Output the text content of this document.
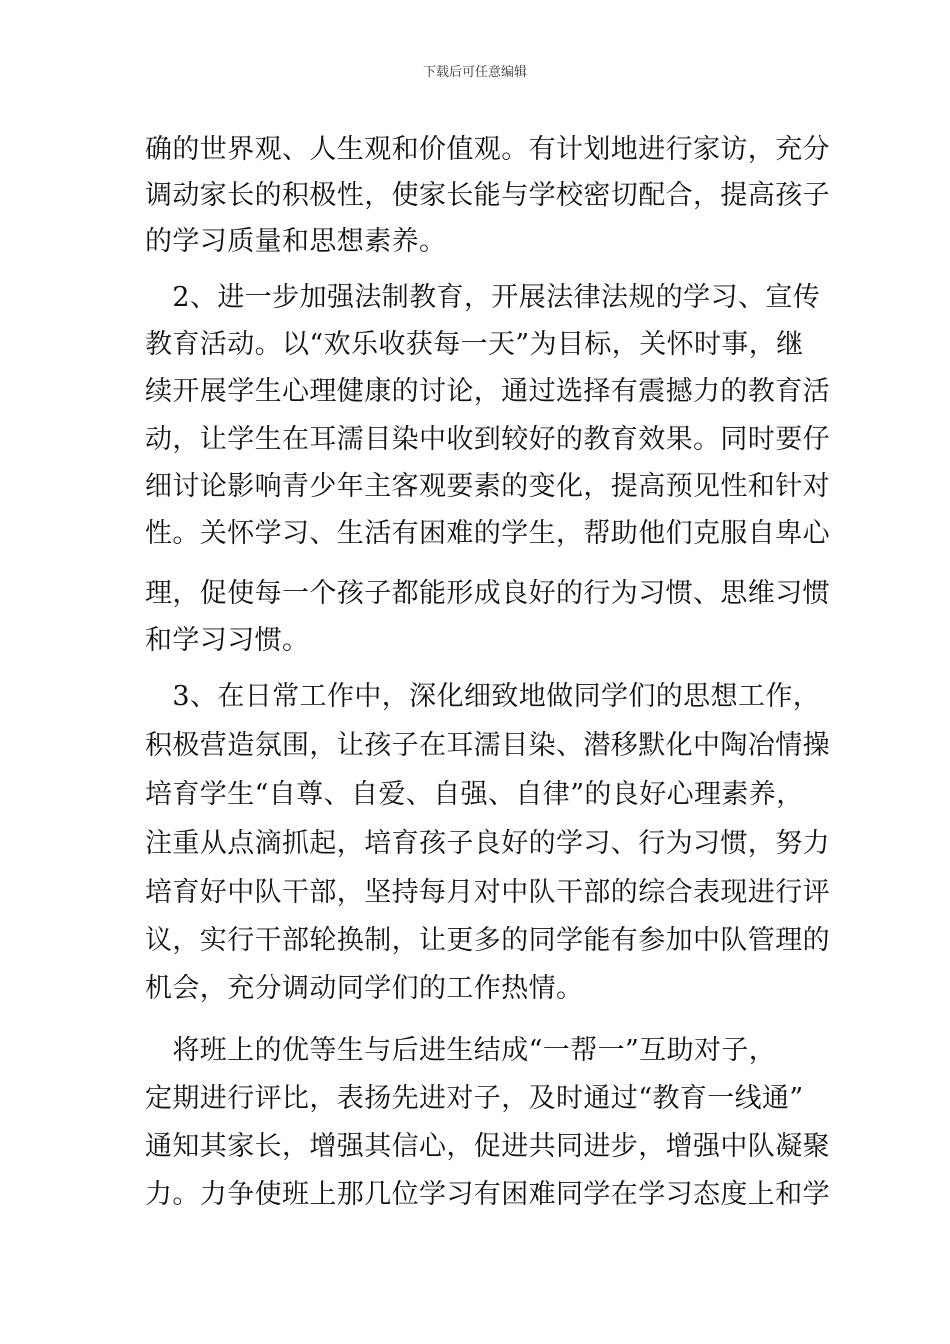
下载后可任意编辑
确的世界观、人生观和价值观。有计划地进行家访，充分
调动家长的积极性，使家长能与学校密切配合，提高孩子
的学习质量和思想素养。
　2、进一步加强法制教育，开展法律法规的学习、宣传
教育活动。以“欢乐收获每一天”为目标，关怀时事，继
续开展学生心理健康的讨论，通过选择有震撼力的教育活
动，让学生在耳濡目染中收到较好的教育效果。同时要仔
细讨论影响青少年主客观要素的变化，提高预见性和针对
性。关怀学习、生活有困难的学生，帮助他们克服自卑心
理，促使每一个孩子都能形成良好的行为习惯、思维习惯
和学习习惯。
　3、在日常工作中，深化细致地做同学们的思想工作，
积极营造氛围，让孩子在耳濡目染、潜移默化中陶冶情操
培育学生“自尊、自爱、自强、自律”的良好心理素养，
注重从点滴抓起，培育孩子良好的学习、行为习惯，努力
培育好中队干部，坚持每月对中队干部的综合表现进行评
议，实行干部轮换制，让更多的同学能有参加中队管理的
机会，充分调动同学们的工作热情。
　将班上的优等生与后进生结成“一帮一”互助对子，
定期进行评比，表扬先进对子，及时通过“教育一线通”
通知其家长，增强其信心，促进共同进步，增强中队凝聚
力。力争使班上那几位学习有困难同学在学习态度上和学
